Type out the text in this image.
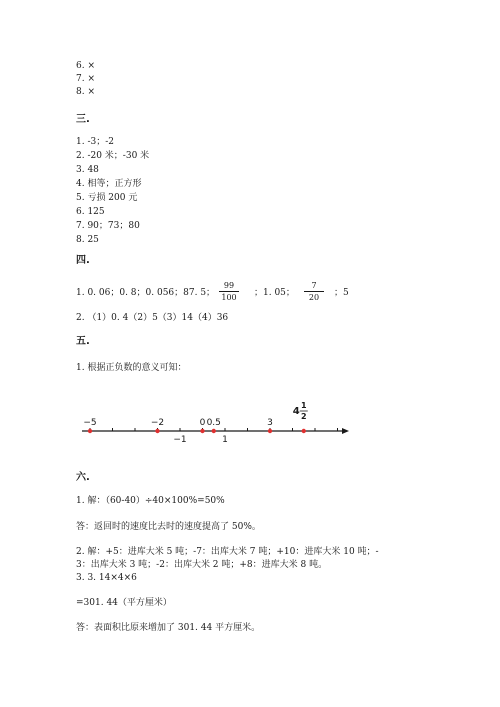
6. ×
7. ×
8. ×
三.
1. -3；-2
2. -20 米；-30 米
3. 48
4. 相等；正方形
5. 亏损 200 元
6. 125
7. 90；73；80
8. 25
四.
1. 0. 06；0. 8；0. 056；87. 5；
99
100 ；1. 05；
7
20	；5
2. （1）0. 4（2）5（3）14（4）36
五.
1. 根据正负数的意义可知：
−5	−2
−1
0 0.5
1
3
4
1
2
六.
1. 解：（60-40）÷40×100%=50%
答：返回时的速度比去时的速度提高了 50%。
2. 解：+5：进库大米 5 吨；-7：出库大米 7 吨；+10：进库大米 10 吨；-
3：出库大米 3 吨；-2：出库大米 2 吨；+8：进库大米 8 吨。
3. 3. 14×4×6
=301. 44（平方厘米）
答：表面积比原来增加了 301. 44 平方厘米。
